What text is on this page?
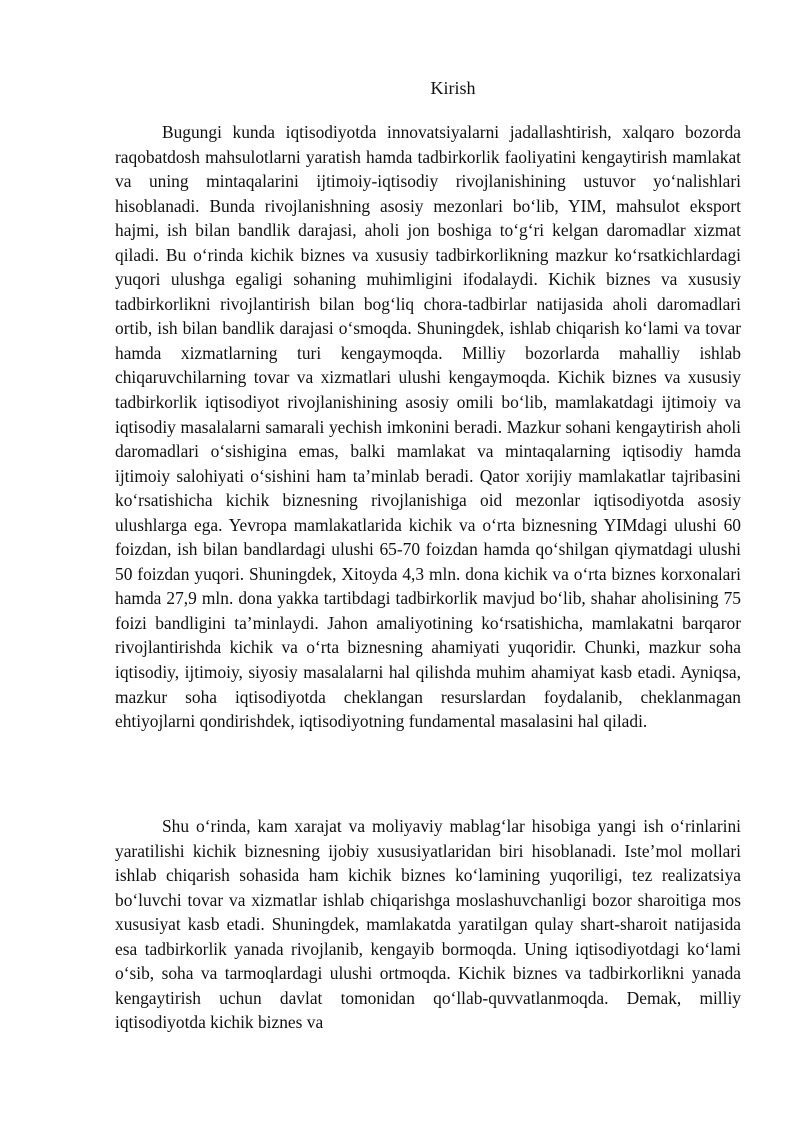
Kirish

Bugungi kunda iqtisodiyotda innovatsiyalarni jadallashtirish, xalqaro bozorda raqobatdosh mahsulotlarni yaratish hamda tadbirkorlik faoliyatini kengaytirish mamlakat va uning mintaqalarini ijtimoiy-iqtisodiy rivojlanishining ustuvor yoʻnalishlari hisoblanadi. Bunda rivojlanishning asosiy mezonlari boʻlib, YIM, mahsulot eksport hajmi, ish bilan bandlik darajasi, aholi jon boshiga toʻgʻri kelgan daromadlar xizmat qiladi. Bu oʻrinda kichik biznes va xususiy tadbirkorlikning mazkur koʻrsatkichlardagi yuqori ulushga egaligi sohaning muhimligini ifodalaydi. Kichik biznes va xususiy tadbirkorlikni rivojlantirish bilan bogʻliq chora-tadbirlar natijasida aholi daromadlari ortib, ish bilan bandlik darajasi oʻsmoqda. Shuningdek, ishlab chiqarish koʻlami va tovar hamda xizmatlarning turi kengaymoqda. Milliy bozorlarda mahalliy ishlab chiqaruvchilarning tovar va xizmatlari ulushi kengaymoqda. Kichik biznes va xususiy tadbirkorlik iqtisodiyot rivojlanishining asosiy omili boʻlib, mamlakatdagi ijtimoiy va iqtisodiy masalalarni samarali yechish imkonini beradi. Mazkur sohani kengaytirish aholi daromadlari oʻsishigina emas, balki mamlakat va mintaqalarning iqtisodiy hamda ijtimoiy salohiyati oʻsishini ham taʼminlab beradi. Qator xorijiy mamlakatlar tajribasini koʻrsatishicha kichik biznesning rivojlanishiga oid mezonlar iqtisodiyotda asosiy ulushlarga ega. Yevropa mamlakatlarida kichik va oʻrta biznesning YIMdagi ulushi 60 foizdan, ish bilan bandlardagi ulushi 65-70 foizdan hamda qoʻshilgan qiymatdagi ulushi 50 foizdan yuqori. Shuningdek, Xitoyda 4,3 mln. dona kichik va oʻrta biznes korxonalari hamda 27,9 mln. dona yakka tartibdagi tadbirkorlik mavjud boʻlib, shahar aholisining 75 foizi bandligini taʼminlaydi. Jahon amaliyotining koʻrsatishicha, mamlakatni barqaror rivojlantirishda kichik va oʻrta biznesning ahamiyati yuqoridir. Chunki, mazkur soha iqtisodiy, ijtimoiy, siyosiy masalalarni hal qilishda muhim ahamiyat kasb etadi. Ayniqsa, mazkur soha iqtisodiyotda cheklangan resurslardan foydalanib, cheklanmagan ehtiyojlarni qondirishdek, iqtisodiyotning fundamental masalasini hal qiladi.

Shu oʻrinda, kam xarajat va moliyaviy mablagʻlar hisobiga yangi ish oʻrinlarini yaratilishi kichik biznesning ijobiy xususiyatlaridan biri hisoblanadi. Isteʼmol mollari ishlab chiqarish sohasida ham kichik biznes koʻlamining yuqoriligi, tez realizatsiya boʻluvchi tovar va xizmatlar ishlab chiqarishga moslashuvchanligi bozor sharoitiga mos xususiyat kasb etadi. Shuningdek, mamlakatda yaratilgan qulay shart-sharoit natijasida esa tadbirkorlik yanada rivojlanib, kengayib bormoqda. Uning iqtisodiyotdagi koʻlami oʻsib, soha va tarmoqlardagi ulushi ortmoqda. Kichik biznes va tadbirkorlikni yanada kengaytirish uchun davlat tomonidan qoʻllab-quvvatlanmoqda. Demak, milliy iqtisodiyotda kichik biznes va
